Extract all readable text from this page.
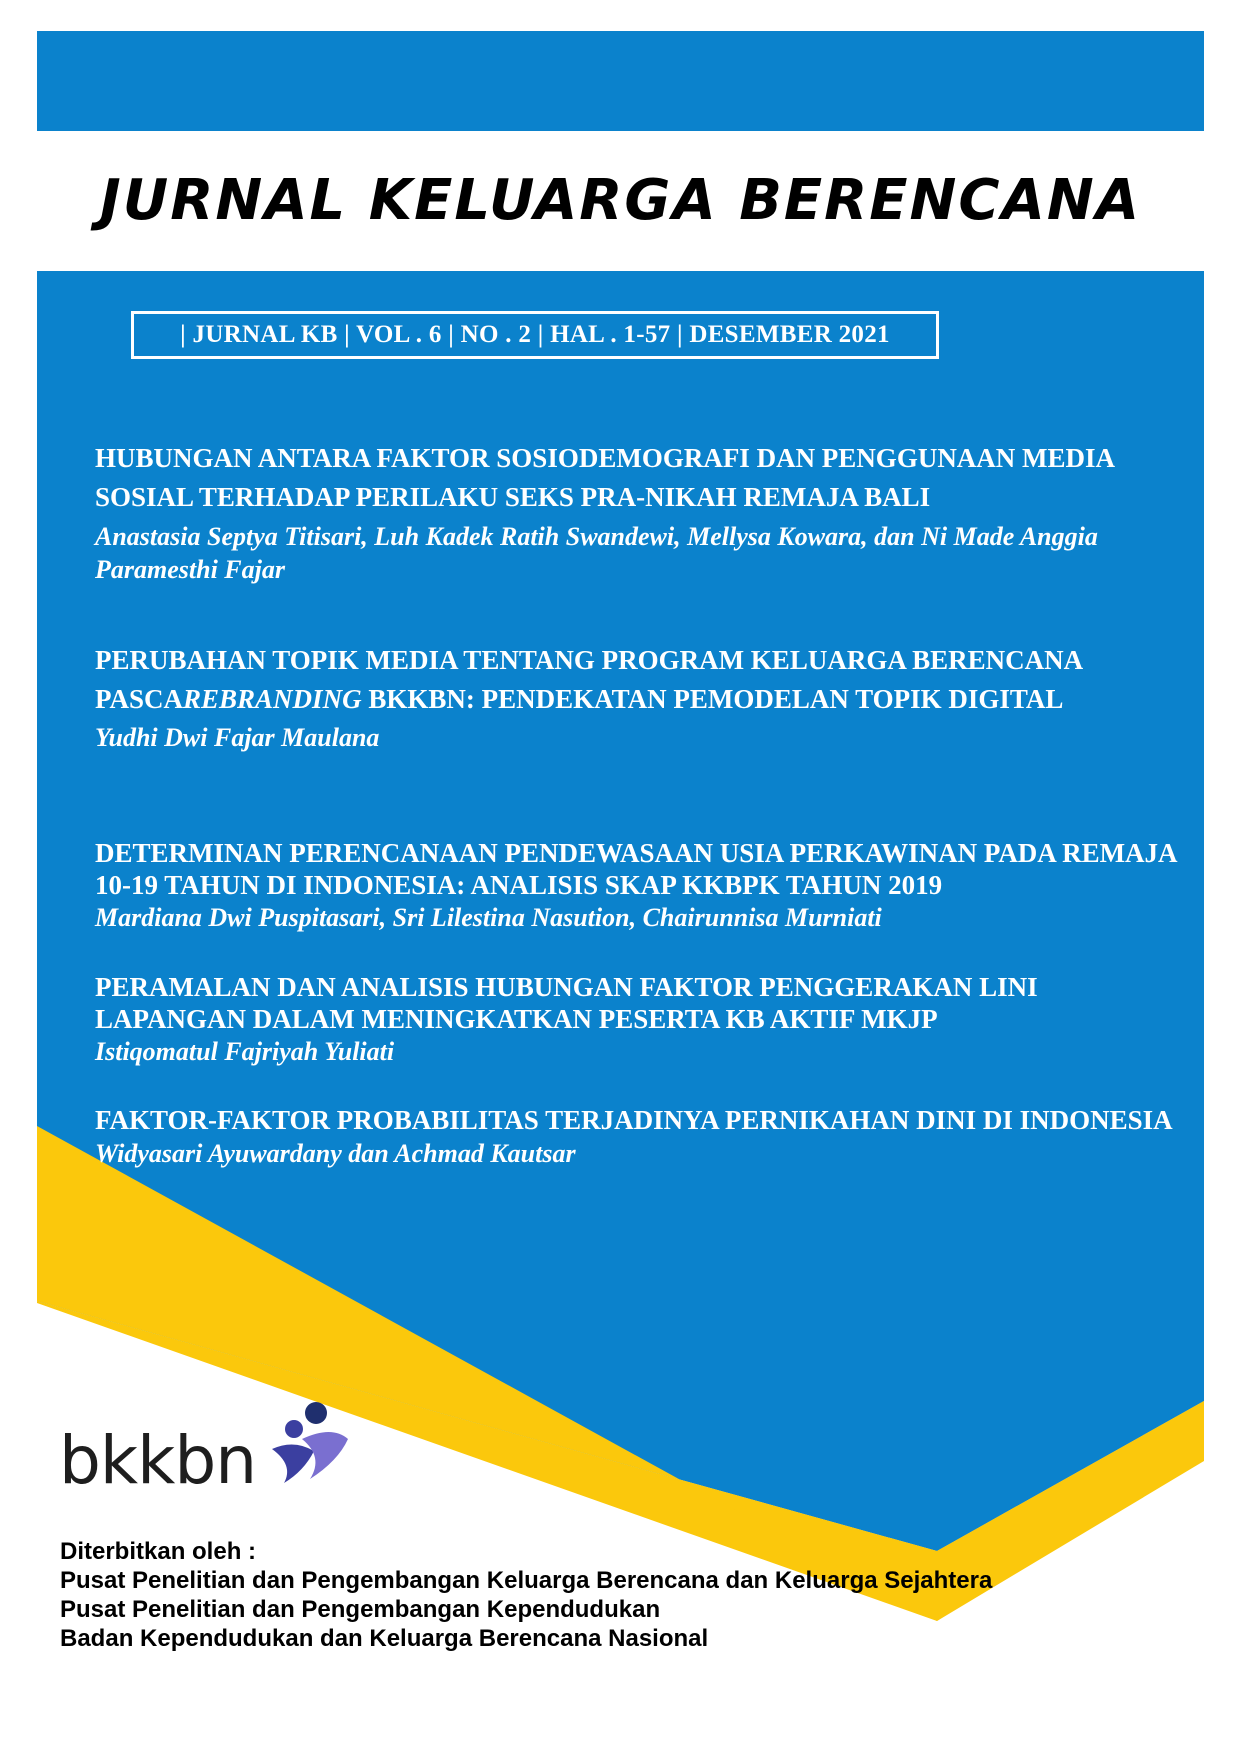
JURNAL KELUARGA BERENCANA
| JURNAL KB | VOL . 6 | NO . 2 | HAL . 1-57 | DESEMBER 2021

HUBUNGAN ANTARA FAKTOR SOSIODEMOGRAFI DAN PENGGUNAAN MEDIA SOSIAL TERHADAP PERILAKU SEKS PRA-NIKAH REMAJA BALI

Anastasia Septya Titisari, Luh Kadek Ratih Swandewi, Mellysa Kowara, dan Ni Made Anggia Paramesthi Fajar

PERUBAHAN TOPIK MEDIA TENTANG PROGRAM KELUARGA BERENCANA PASCAREBRANDING BKKBN: PENDEKATAN PEMODELAN TOPIK DIGITAL

Yudhi Dwi Fajar Maulana

DETERMINAN PERENCANAAN PENDEWASAAN USIA PERKAWINAN PADA REMAJA 10-19 TAHUN DI INDONESIA: ANALISIS SKAP KKBPK TAHUN 2019

Mardiana Dwi Puspitasari, Sri Lilestina Nasution, Chairunnisa Murniati

PERAMALAN DAN ANALISIS HUBUNGAN FAKTOR PENGGERAKAN LINI LAPANGAN DALAM MENINGKATKAN PESERTA KB AKTIF MKJP

Istiqomatul Fajriyah Yuliati

FAKTOR-FAKTOR PROBABILITAS TERJADINYA PERNIKAHAN DINI DI INDONESIA

Widyasari Ayuwardany dan Achmad Kautsar

bkkbn

Diterbitkan oleh :

Pusat Penelitian dan Pengembangan Keluarga Berencana dan Keluarga Sejahtera

Pusat Penelitian dan Pengembangan Kependudukan

Badan Kependudukan dan Keluarga Berencana Nasional
